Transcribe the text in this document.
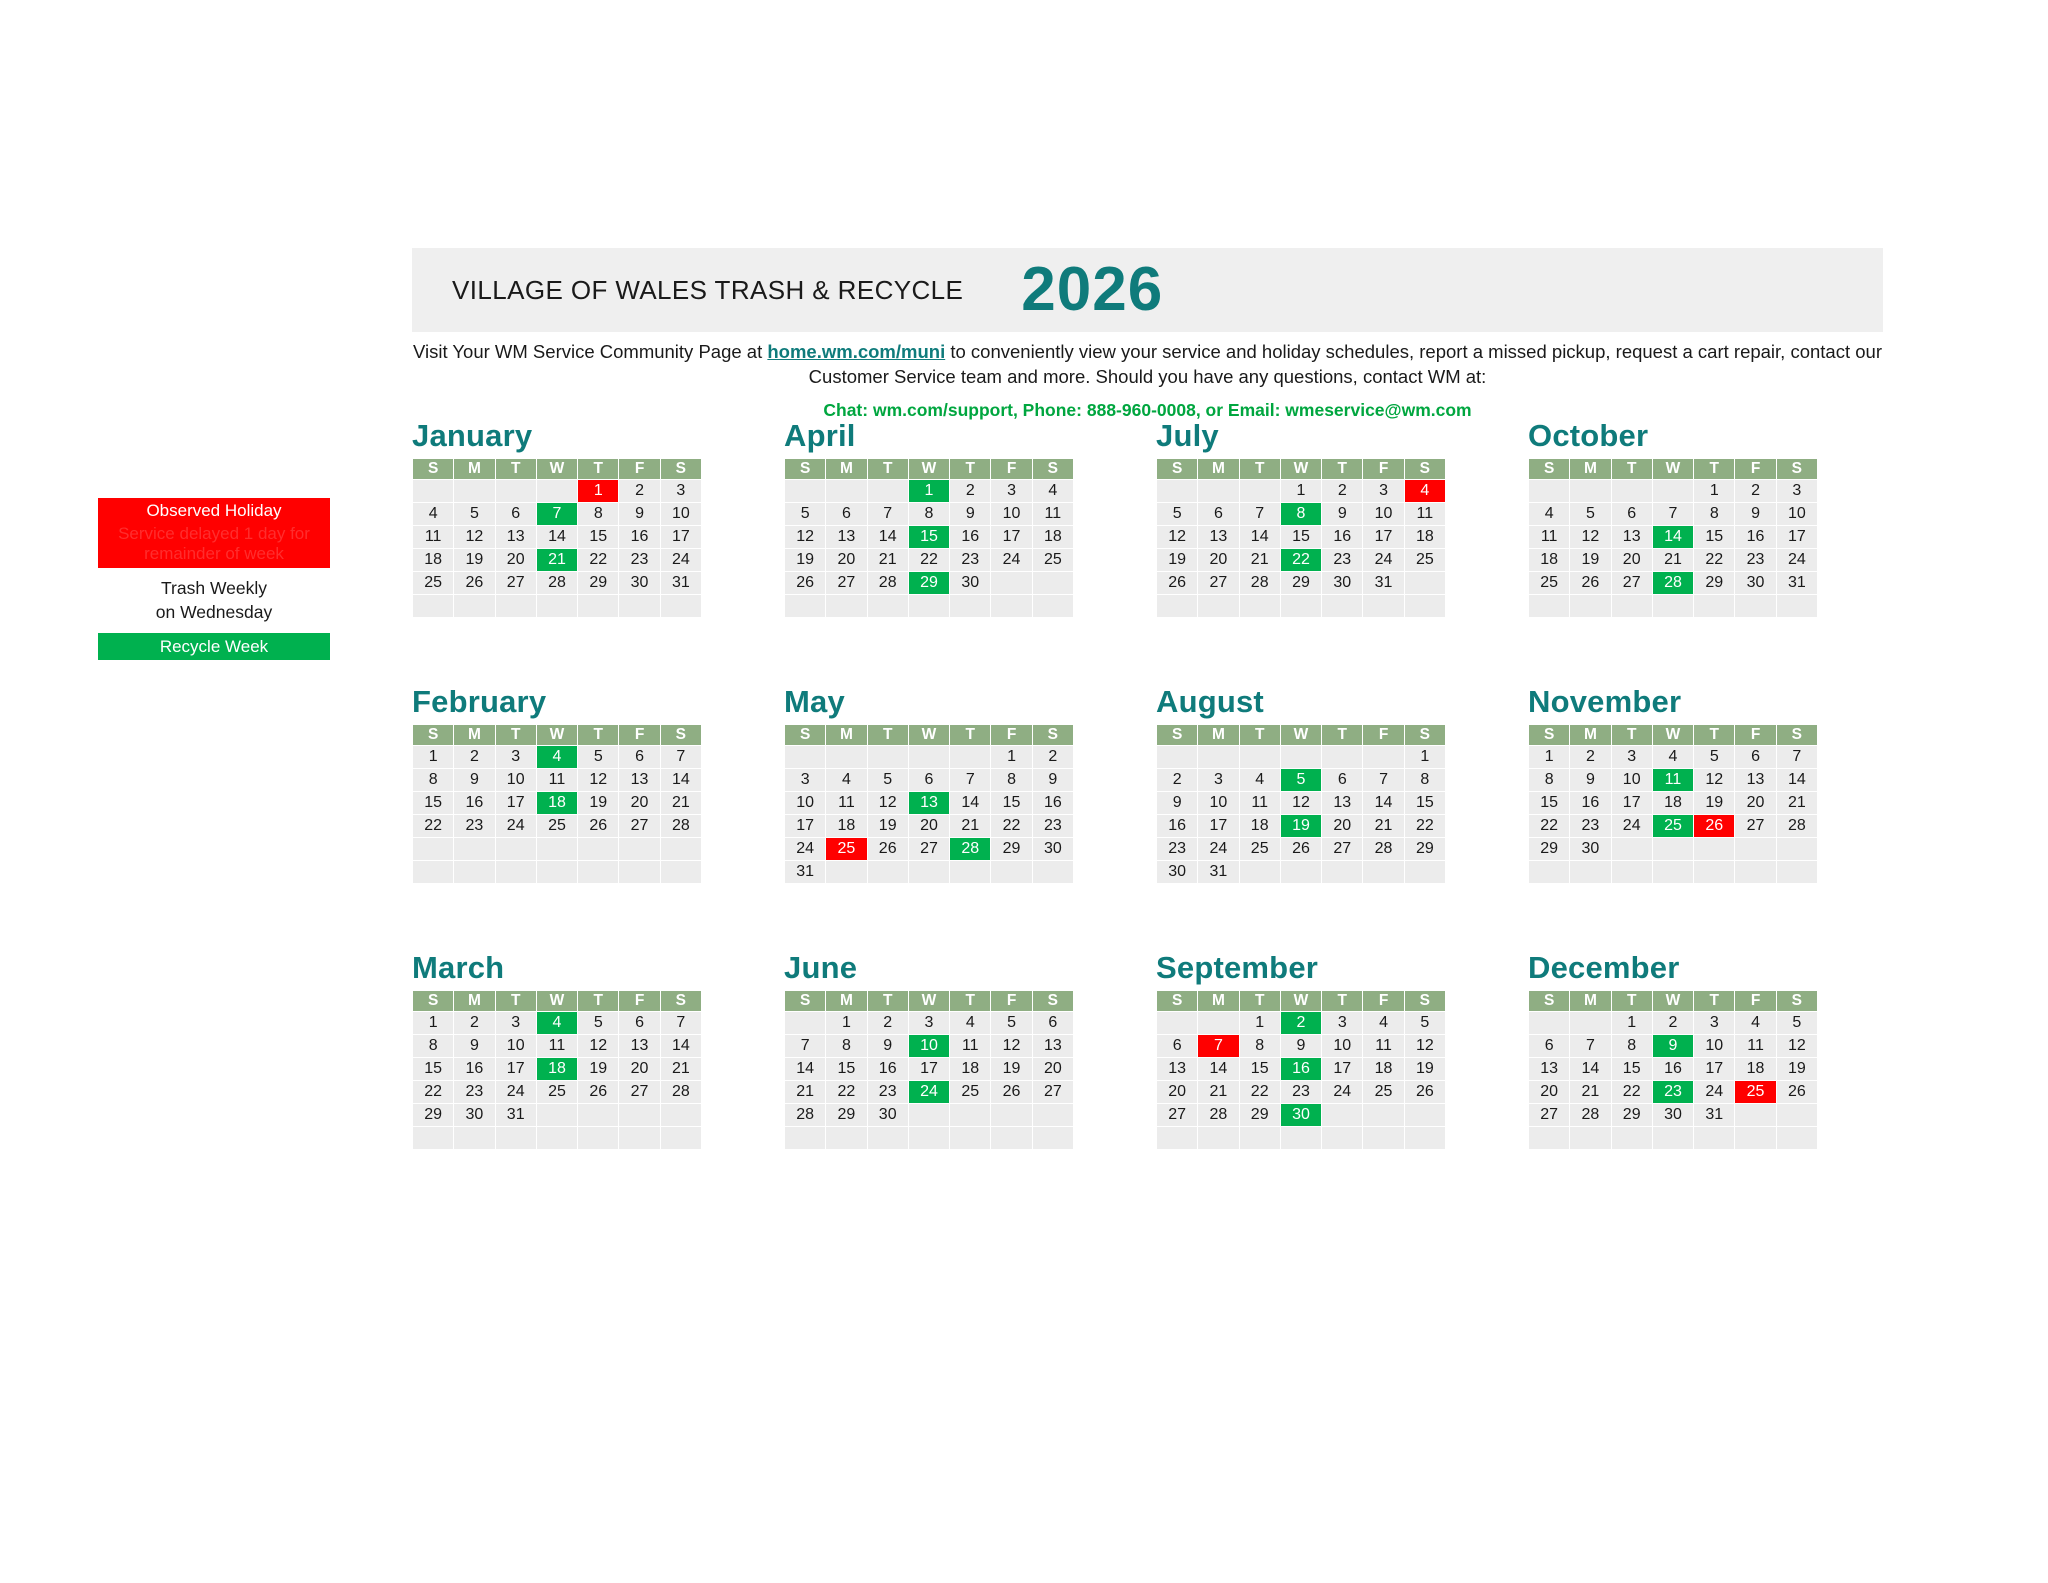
VILLAGE OF WALES TRASH & RECYCLE 2026
Visit Your WM Service Community Page at home.wm.com/muni to conveniently view your service and holiday schedules, report a missed pickup, request a cart repair, contact our Customer Service team and more. Should you have any questions, contact WM at:
Chat: wm.com/support, Phone: 888-960-0008, or Email: wmeservice@wm.com
Observed Holiday
Service delayed 1 day for remainder of week
Trash Weekly
on Wednesday
Recycle Week
January
S	M	T	W	T	F	S
				1	2	3
4	5	6	7	8	9	10
11	12	13	14	15	16	17
18	19	20	21	22	23	24
25	26	27	28	29	30	31

April
S	M	T	W	T	F	S
			1	2	3	4
5	6	7	8	9	10	11
12	13	14	15	16	17	18
19	20	21	22	23	24	25
26	27	28	29	30		

July
S	M	T	W	T	F	S
			1	2	3	4
5	6	7	8	9	10	11
12	13	14	15	16	17	18
19	20	21	22	23	24	25
26	27	28	29	30	31	

October
S	M	T	W	T	F	S
				1	2	3
4	5	6	7	8	9	10
11	12	13	14	15	16	17
18	19	20	21	22	23	24
25	26	27	28	29	30	31

February
S	M	T	W	T	F	S
1	2	3	4	5	6	7
8	9	10	11	12	13	14
15	16	17	18	19	20	21
22	23	24	25	26	27	28

May
S	M	T	W	T	F	S
					1	2
3	4	5	6	7	8	9
10	11	12	13	14	15	16
17	18	19	20	21	22	23
24	25	26	27	28	29	30
31						
August
S	M	T	W	T	F	S
						1
2	3	4	5	6	7	8
9	10	11	12	13	14	15
16	17	18	19	20	21	22
23	24	25	26	27	28	29
30	31					
November
S	M	T	W	T	F	S
1	2	3	4	5	6	7
8	9	10	11	12	13	14
15	16	17	18	19	20	21
22	23	24	25	26	27	28
29	30					

March
S	M	T	W	T	F	S
1	2	3	4	5	6	7
8	9	10	11	12	13	14
15	16	17	18	19	20	21
22	23	24	25	26	27	28
29	30	31				

June
S	M	T	W	T	F	S
	1	2	3	4	5	6
7	8	9	10	11	12	13
14	15	16	17	18	19	20
21	22	23	24	25	26	27
28	29	30				

September
S	M	T	W	T	F	S
		1	2	3	4	5
6	7	8	9	10	11	12
13	14	15	16	17	18	19
20	21	22	23	24	25	26
27	28	29	30			

December
S	M	T	W	T	F	S
		1	2	3	4	5
6	7	8	9	10	11	12
13	14	15	16	17	18	19
20	21	22	23	24	25	26
27	28	29	30	31		
